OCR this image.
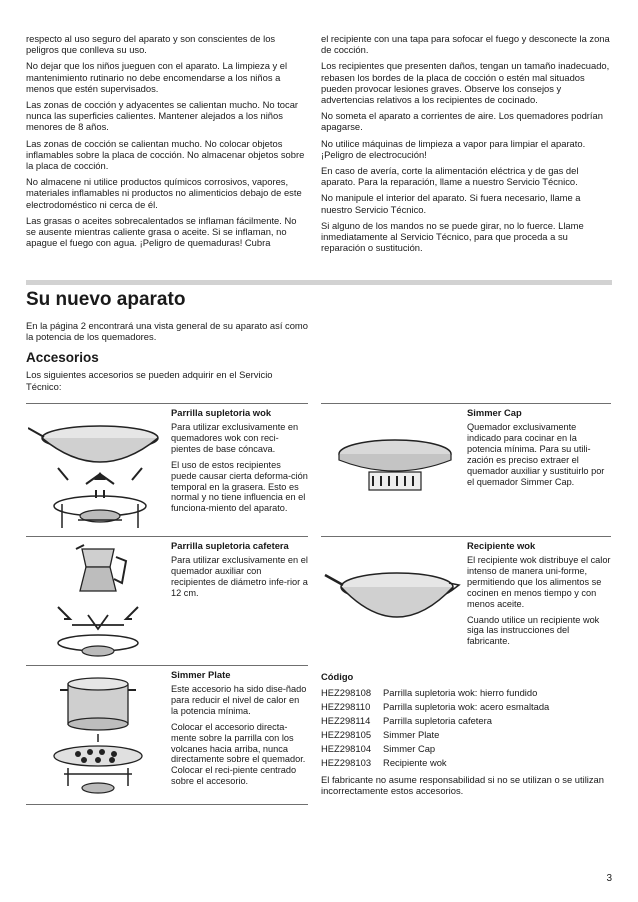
respecto al uso seguro del aparato y son conscientes de los peligros que conlleva su uso.

No dejar que los niños jueguen con el aparato. La limpieza y el mantenimiento rutinario no debe encomendarse a los niños a menos que estén supervisados.

Las zonas de cocción y adyacentes se calientan mucho. No tocar nunca las superficies calientes. Mantener alejados a los niños menores de 8 años.

Las zonas de cocción se calientan mucho. No colocar objetos inflamables sobre la placa de cocción. No almacenar objetos sobre la placa de cocción.

No almacene ni utilice productos químicos corrosivos, vapores, materiales inflamables ni productos no alimenticios debajo de este electrodoméstico ni cerca de él.

Las grasas o aceites sobrecalentados se inflaman fácilmente. No se ausente mientras caliente grasa o aceite. Si se inflaman, no apague el fuego con agua. ¡Peligro de quemaduras! Cubra

el recipiente con una tapa para sofocar el fuego y desconecte la zona de cocción.

Los recipientes que presenten daños, tengan un tamaño inadecuado, rebasen los bordes de la placa de cocción o estén mal situados pueden provocar lesiones graves. Observe los consejos y advertencias relativos a los recipientes de cocinado.

No someta el aparato a corrientes de aire. Los quemadores podrían apagarse.

No utilice máquinas de limpieza a vapor para limpiar el aparato. ¡Peligro de electrocución!

En caso de avería, corte la alimentación eléctrica y de gas del aparato. Para la reparación, llame a nuestro Servicio Técnico.

No manipule el interior del aparato. Si fuera necesario, llame a nuestro Servicio Técnico.

Si alguno de los mandos no se puede girar, no lo fuerce. Llame inmediatamente al Servicio Técnico, para que proceda a su reparación o sustitución.

Su nuevo aparato

En la página 2 encontrará una vista general de su aparato así como la potencia de los quemadores.

Accesorios

Los siguientes accesorios se pueden adquirir en el Servicio Técnico:

Parrilla supletoria wok

Para utilizar exclusivamente en quemadores wok con reci-pientes de base cóncava.

El uso de estos recipientes puede causar cierta deforma-ción temporal en la grasera. Esto es normal y no tiene influencia en el funciona-miento del aparato.

Simmer Cap

Quemador exclusivamente indicado para cocinar en la potencia mínima. Para su utili-zación es preciso extraer el quemador auxiliar y sustituirlo por el quemador Simmer Cap.

Parrilla supletoria cafetera

Para utilizar exclusivamente en el quemador auxiliar con recipientes de diámetro infe-rior a 12 cm.

Recipiente wok

El recipiente wok distribuye el calor intenso de manera uni-forme, permitiendo que los alimentos se cocinen en menos tiempo y con menos aceite.

Cuando utilice un recipiente wok siga las instrucciones del fabricante.

Simmer Plate

Este accesorio ha sido dise-ñado para reducir el nivel de calor en la potencia mínima.

Colocar el accesorio directa-mente sobre la parrilla con los volcanes hacia arriba, nunca directamente sobre el quemador. Colocar el reci-piente centrado sobre el accesorio.

Código
HEZ298108	Parrilla supletoria wok: hierro fundido
HEZ298110	Parrilla supletoria wok: acero esmaltada
HEZ298114	Parrilla supletoria cafetera
HEZ298105	Simmer Plate
HEZ298104	Simmer Cap
HEZ298103	Recipiente wok

El fabricante no asume responsabilidad si no se utilizan o se utilizan incorrectamente estos accesorios.

3
